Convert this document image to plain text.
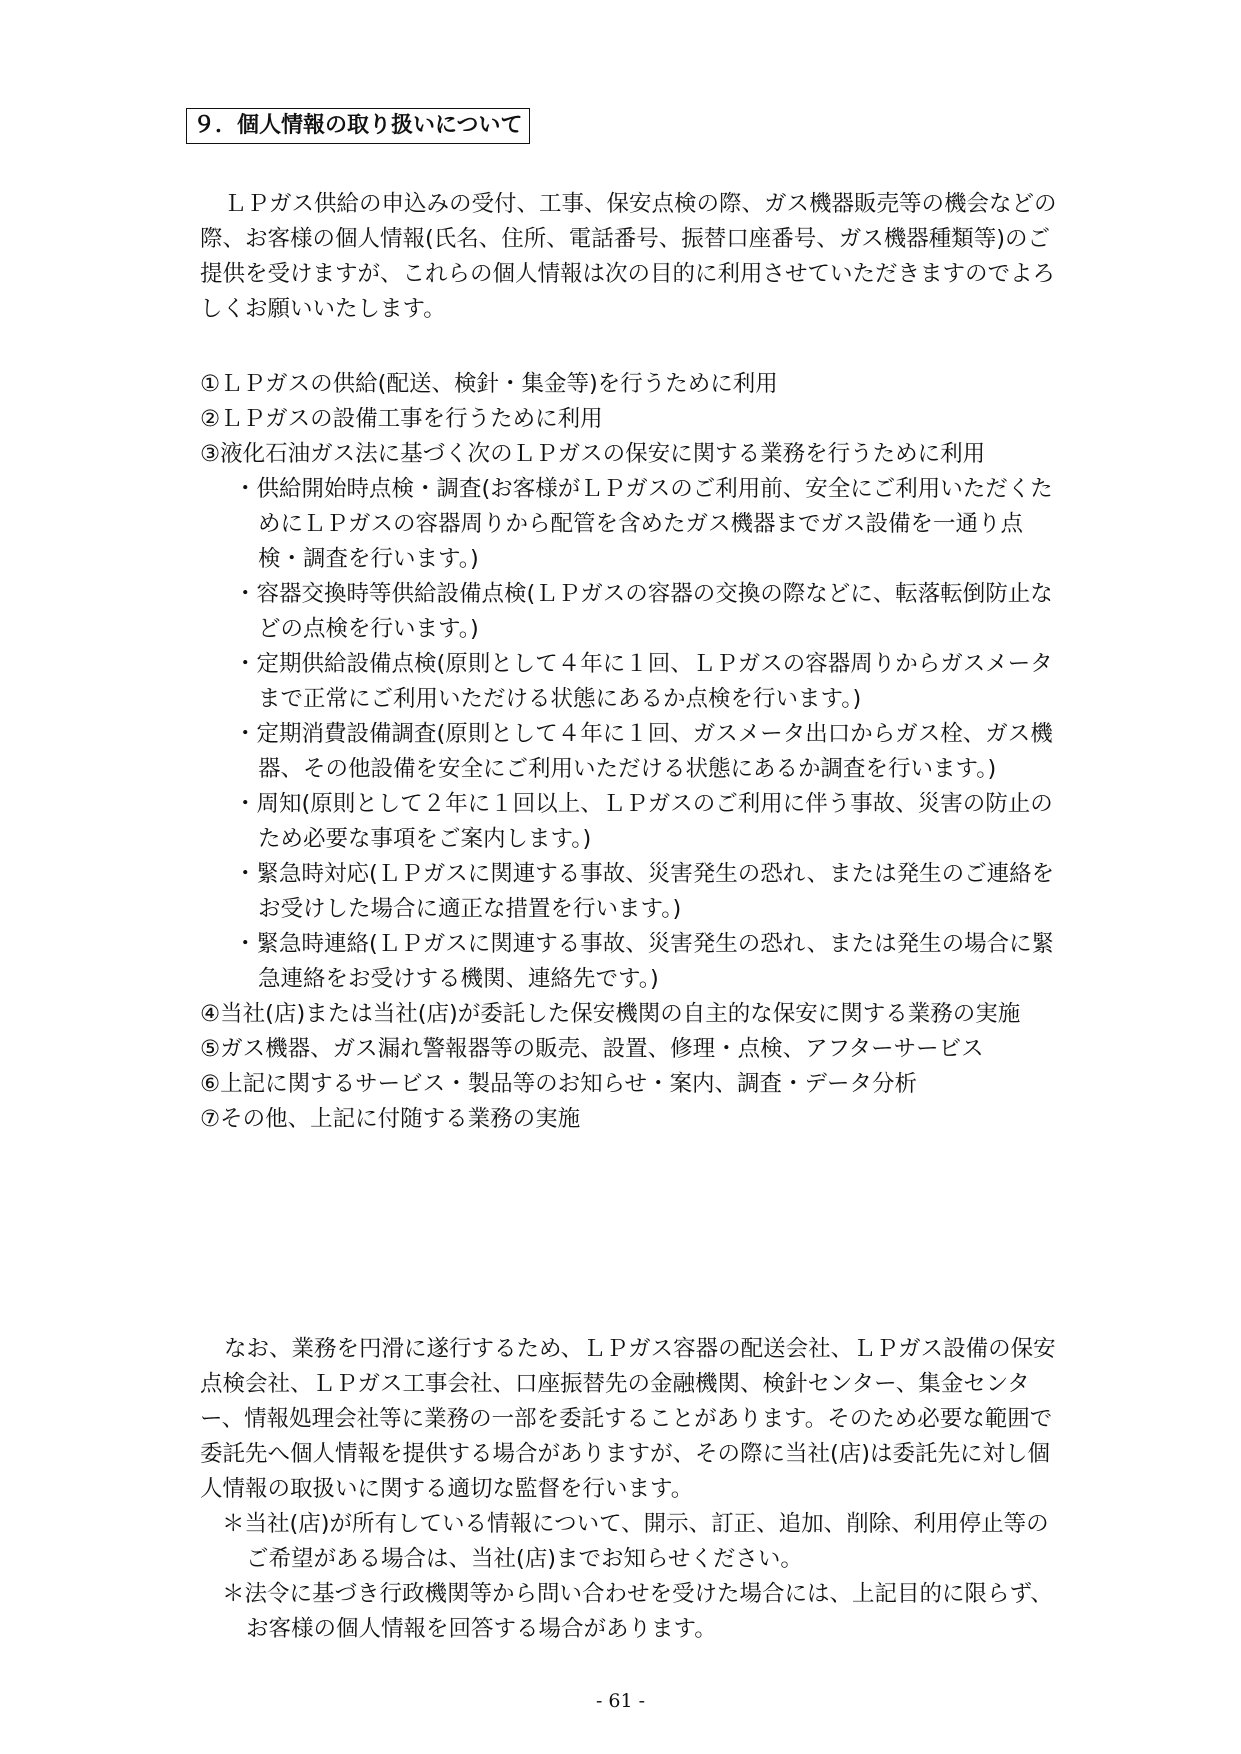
９．個人情報の取り扱いについて
ＬＰガス供給の申込みの受付、工事、保安点検の際、ガス機器販売等の機会などの際、お客様の個人情報(氏名、住所、電話番号、振替口座番号、ガス機器種類等)のご提供を受けますが、これらの個人情報は次の目的に利用させていただきますのでよろしくお願いいたします。
①ＬＰガスの供給(配送、検針・集金等)を行うために利用
②ＬＰガスの設備工事を行うために利用
③液化石油ガス法に基づく次のＬＰガスの保安に関する業務を行うために利用
・供給開始時点検・調査(お客様がＬＰガスのご利用前、安全にご利用いただくためにＬＰガスの容器周りから配管を含めたガス機器までガス設備を一通り点検・調査を行います。)
・容器交換時等供給設備点検(ＬＰガスの容器の交換の際などに、転落転倒防止などの点検を行います。)
・定期供給設備点検(原則として４年に１回、ＬＰガスの容器周りからガスメータまで正常にご利用いただける状態にあるか点検を行います。)
・定期消費設備調査(原則として４年に１回、ガスメータ出口からガス栓、ガス機器、その他設備を安全にご利用いただける状態にあるか調査を行います。)
・周知(原則として２年に１回以上、ＬＰガスのご利用に伴う事故、災害の防止のため必要な事項をご案内します。)
・緊急時対応(ＬＰガスに関連する事故、災害発生の恐れ、または発生のご連絡をお受けした場合に適正な措置を行います。)
・緊急時連絡(ＬＰガスに関連する事故、災害発生の恐れ、または発生の場合に緊急連絡をお受けする機関、連絡先です。)
④当社(店)または当社(店)が委託した保安機関の自主的な保安に関する業務の実施
⑤ガス機器、ガス漏れ警報器等の販売、設置、修理・点検、アフターサービス
⑥上記に関するサービス・製品等のお知らせ・案内、調査・データ分析
⑦その他、上記に付随する業務の実施
なお、業務を円滑に遂行するため、ＬＰガス容器の配送会社、ＬＰガス設備の保安点検会社、ＬＰガス工事会社、口座振替先の金融機関、検針センター、集金センター、情報処理会社等に業務の一部を委託することがあります。そのため必要な範囲で委託先へ個人情報を提供する場合がありますが、その際に当社(店)は委託先に対し個人情報の取扱いに関する適切な監督を行います。
＊当社(店)が所有している情報について、開示、訂正、追加、削除、利用停止等のご希望がある場合は、当社(店)までお知らせください。
＊法令に基づき行政機関等から問い合わせを受けた場合には、上記目的に限らず、お客様の個人情報を回答する場合があります。
- 61 -
